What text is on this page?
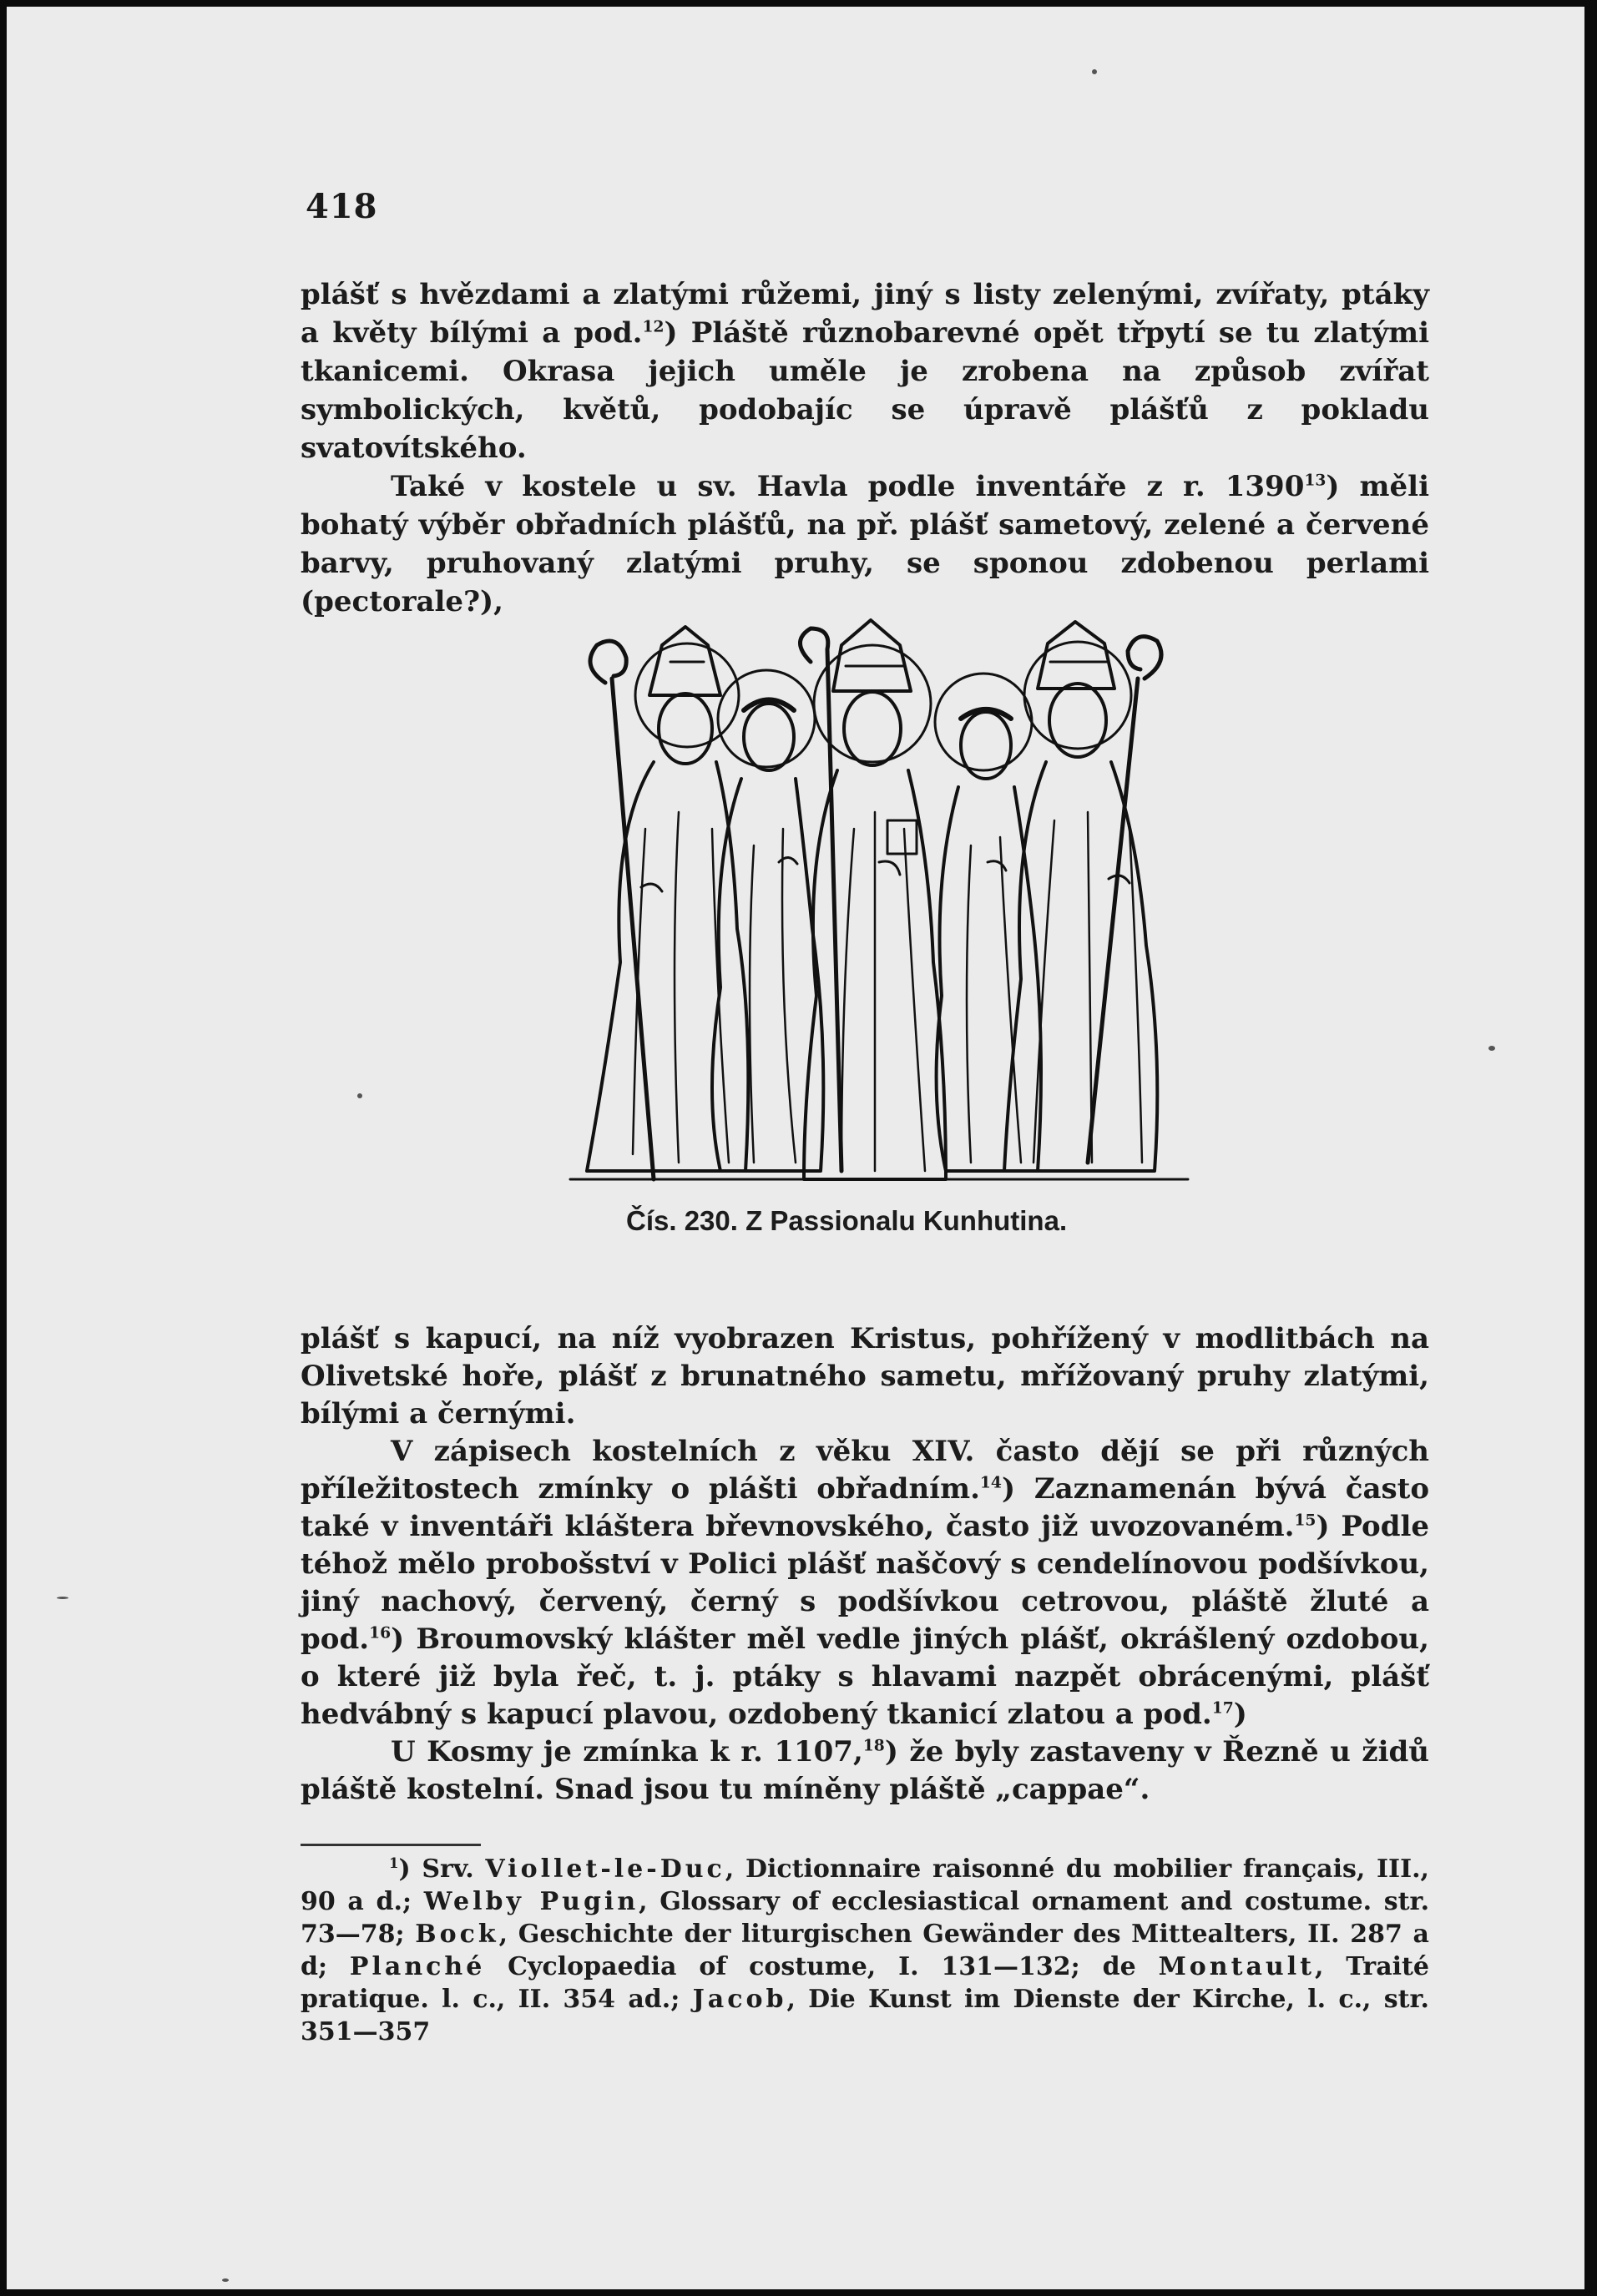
418

plášť s hvězdami a zlatými růžemi, jiný s listy zelenými, zvířaty, ptáky a květy bílými a pod.$^{12}$) Pláště různobarevné opět třpytí se tu zlatými tkanicemi. Okrasa jejich uměle je zrobena na způsob zvířat symbolických, květů, podobajíc se úpravě plášťů z pokladu svatovítského.

Také v kostele u sv. Havla podle inventáře z r. 1390$^{13}$) měli bohatý výběr obřadních plášťů, na př. plášť sametový, zelené a červené barvy, pruhovaný zlatými pruhy, se sponou zdobenou perlami (pectorale?),

Čís. 230. Z Passionalu Kunhutina.

plášť s kapucí, na níž vyobrazen Kristus, pohřížený v modlitbách na Olivetské hoře, plášť z brunatného sametu, mřížovaný pruhy zlatými, bílými a černými.

V zápisech kostelních z věku XIV. často dějí se při různých příležitostech zmínky o plášti obřadním.$^{14}$) Zaznamenán bývá často také v inventáři kláštera břevnovského, často již uvozovaném.$^{15}$) Podle téhož mělo probošství v Polici plášť naščový s cendelínovou podšívkou, jiný nachový, červený, černý s podšívkou cetrovou, pláště žluté a pod.$^{16}$) Broumovský klášter měl vedle jiných plášť, okrášlený ozdobou, o které již byla řeč, t. j. ptáky s hlavami nazpět obrácenými, plášť hedvábný s kapucí plavou, ozdobený tkanicí zlatou a pod.$^{17}$)

U Kosmy je zmínka k r. 1107,18) že byly zastaveny v Řezně u židů pláště kostelní. Snad jsou tu míněny pláště „cappae“.

$^1$) Srv. Viollet-le-Duc, Dictionnaire raisonné du mobilier français, III., 90 a d.; Welby Pugin, Glossary of ecclesiastical ornament and costume. str. 73—78; Bock, Geschichte der liturgischen Gewänder des Mittealters, II. 287 a d; Planché Cyclopaedia of costume, I. 131—132; de Montault, Traité pratique. l. c., II. 354 ad.; Jacob, Die Kunst im Dienste der Kirche, l. c., str. 351—357
